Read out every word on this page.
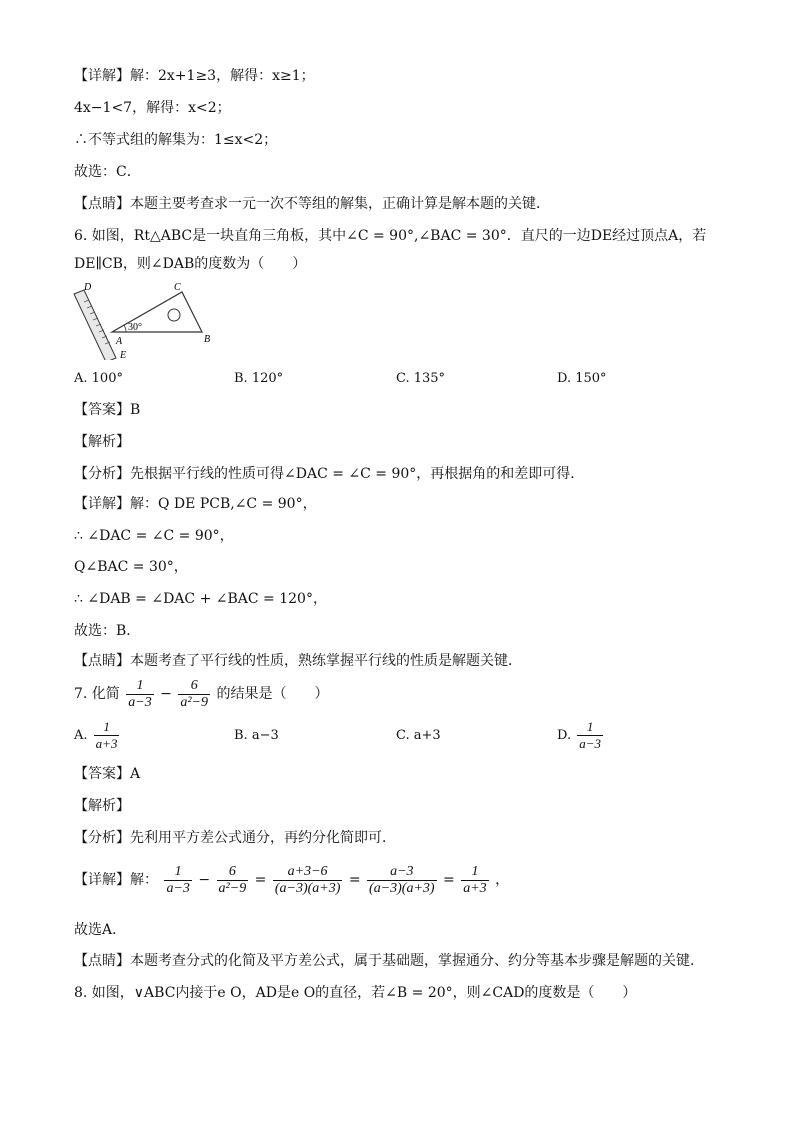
【详解】解：2x+1≥3，解得：x≥1；
4x−1<7，解得：x<2；
∴不等式组的解集为：1≤x<2；
故选：C．
【点睛】本题主要考查求一元一次不等组的解集，正确计算是解本题的关键．
6. 如图，Rt△ABC是一块直角三角板，其中∠C = 90°,∠BAC = 30°．直尺的一边DE经过顶点A，若
DE∥CB，则∠DAB的度数为（　　）
D	C
30°
A	B
E
A. 100°	B. 120°	C. 135°	D. 150°
【答案】B
【解析】
【分析】先根据平行线的性质可得∠DAC = ∠C = 90°，再根据角的和差即可得．
【详解】解：Q DE PCB,∠C = 90°，
∴ ∠DAC = ∠C = 90°，
Q∠BAC = 30°，
∴ ∠DAB = ∠DAC + ∠BAC = 120°，
故选：B．
【点睛】本题考查了平行线的性质，熟练掌握平行线的性质是解题关键．
7. 化简 $\frac{1}{a-3} - \frac{6}{\text{a²−9}}$ 的结果是（　　）
A. $\frac{1}{a+3}$	B. a−3	C. a+3	D. $\frac{1}{a-3}$
【答案】A
【解析】
【分析】先利用平方差公式通分，再约分化简即可．
【详解】解： $\frac{1}{a-3} - \frac{6}{\text{a²−9}} = \frac{a+3-6}{(a-3)(a+3)} = \frac{a-3}{(a-3)(a+3)} = \frac{1}{a+3}$ ，
故选A．
【点睛】本题考查分式的化简及平方差公式，属于基础题，掌握通分、约分等基本步骤是解题的关键．
8. 如图，∨ABC内接于e O，AD是e O的直径，若∠B = 20°，则∠CAD的度数是（　　）
